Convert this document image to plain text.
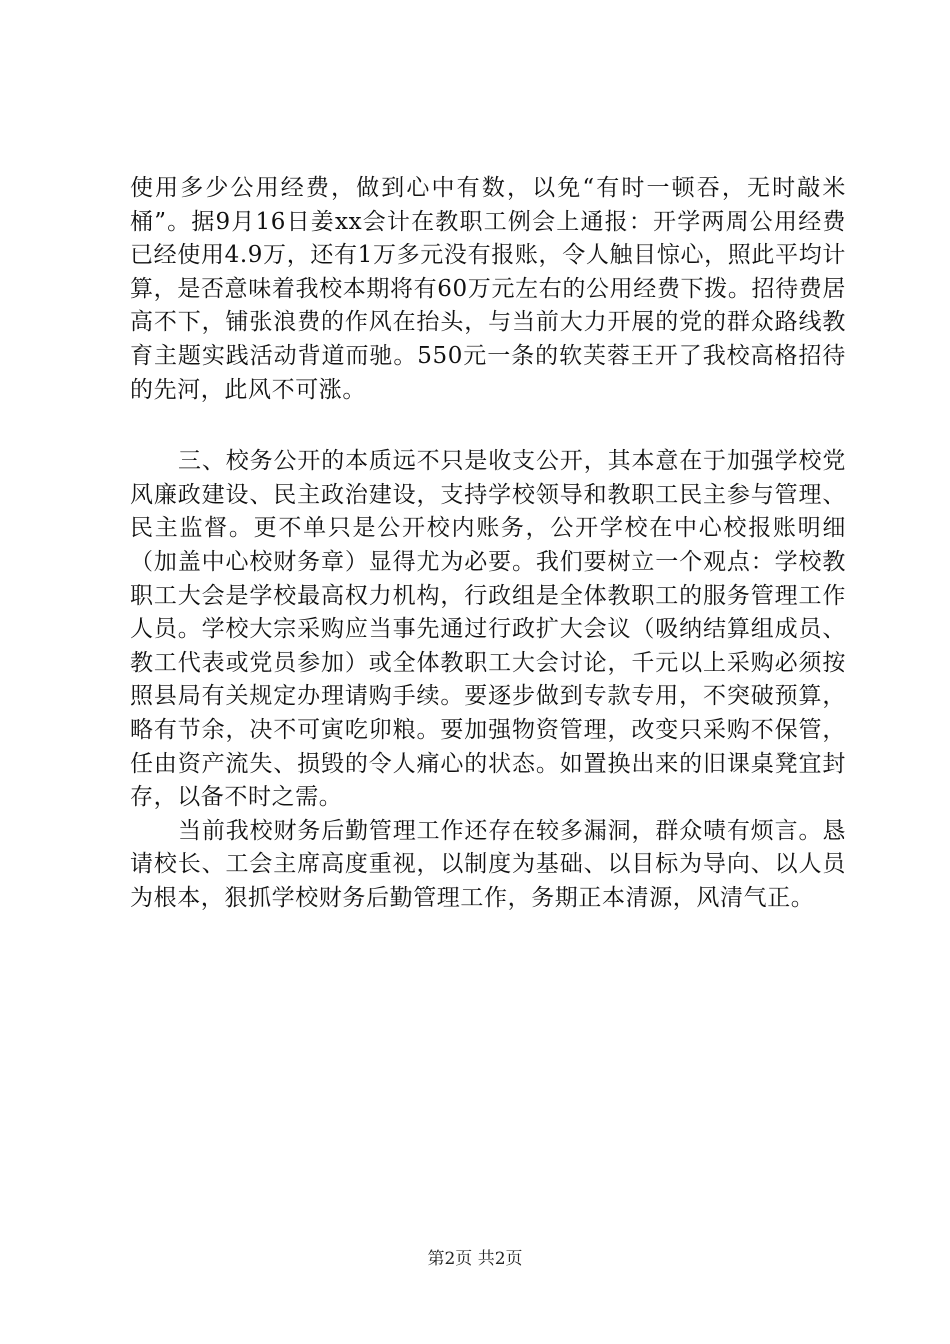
使用多少公用经费，做到心中有数，以免“有时一顿吞，无时敲米桶”。据9月16日姜xx会计在教职工例会上通报：开学两周公用经费已经使用4.9万，还有1万多元没有报账，令人触目惊心，照此平均计算，是否意味着我校本期将有60万元左右的公用经费下拨。招待费居高不下，铺张浪费的作风在抬头，与当前大力开展的党的群众路线教育主题实践活动背道而驰。550元一条的软芙蓉王开了我校高格招待的先河，此风不可涨。

三、校务公开的本质远不只是收支公开，其本意在于加强学校党风廉政建设、民主政治建设，支持学校领导和教职工民主参与管理、民主监督。更不单只是公开校内账务，公开学校在中心校报账明细（加盖中心校财务章）显得尤为必要。我们要树立一个观点：学校教职工大会是学校最高权力机构，行政组是全体教职工的服务管理工作人员。学校大宗采购应当事先通过行政扩大会议（吸纳结算组成员、教工代表或党员参加）或全体教职工大会讨论，千元以上采购必须按照县局有关规定办理请购手续。要逐步做到专款专用，不突破预算，略有节余，决不可寅吃卯粮。要加强物资管理，改变只采购不保管，任由资产流失、损毁的令人痛心的状态。如置换出来的旧课桌凳宜封存，以备不时之需。

当前我校财务后勤管理工作还存在较多漏洞，群众啧有烦言。恳请校长、工会主席高度重视，以制度为基础、以目标为导向、以人员为根本，狠抓学校财务后勤管理工作，务期正本清源，风清气正。

第2页 共2页
